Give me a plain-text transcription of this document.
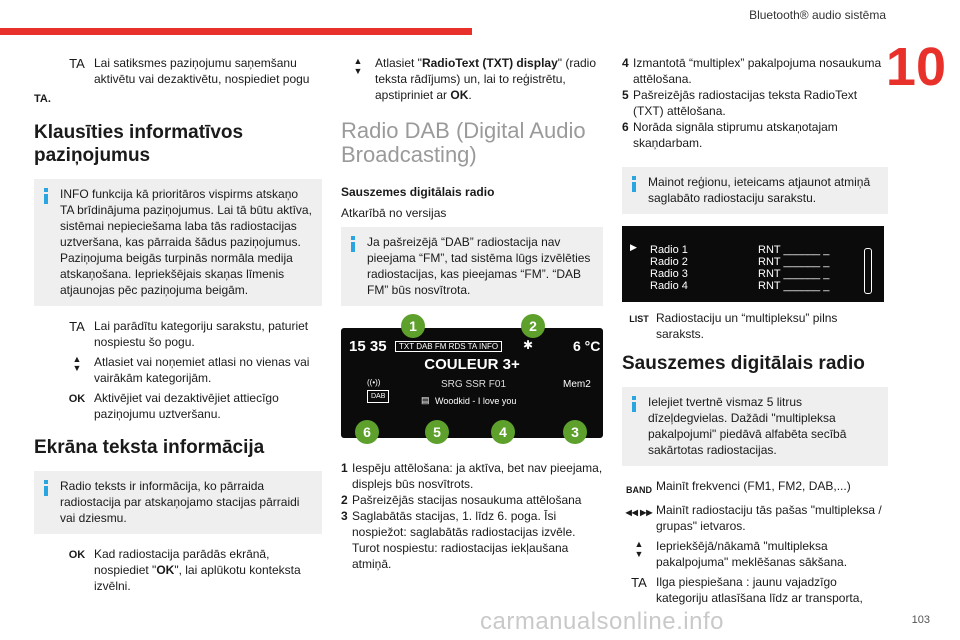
Bluetooth® audio sistēma
10
TA Lai satiksmes paziņojumu saņemšanu aktivētu vai dezaktivētu, nospiediet pogu
TA.
Klausīties informatīvos paziņojumus
INFO funkcija kā prioritāros vispirms atskaņo TA brīdinājuma paziņojumus. Lai tā būtu aktīva, sistēmai nepieciešama laba tās radiostacijas uztveršana, kas pārraida šādus paziņojumus. Paziņojuma beigās turpinās normāla medija atskaņošana. Iepriekšējais skaņas līmenis atjaunojas pēc paziņojuma beigām.
TA Lai parādītu kategoriju sarakstu, paturiet nospiestu šo pogu.
▲
▼	Atlasiet vai noņemiet atlasi no vienas vai vairākām kategorijām.
OK Aktivējiet vai dezaktivējiet attiecīgo paziņojumu uztveršanu.
Ekrāna teksta informācija
Radio teksts ir informācija, ko pārraida radiostacija par atskaņojamo stacijas pārraidi vai dziesmu.
OK Kad radiostacija parādās ekrānā, nospiediet "OK", lai aplūkotu konteksta izvēlni.
▲
▼
Atlasiet "RadioText (TXT) display" (radio teksta rādījums) un, lai to reģistrētu, apstipriniet ar OK.
Radio DAB (Digital Audio Broadcasting)
Sauszemes digitālais radio
Atkarībā no versijas
Ja pašreizējā “DAB” radiostacija nav pieejama “FM”, tad sistēma lūgs izvēlēties radiostacijas, kas pieejamas “FM”. “DAB FM” būs nosvītrota.
15 35	TXT DAB FM RDS TA INFO	✱	6 °C
COULEUR 3+
((•))
DAB
SRG SSR F01	Mem2
▤ Woodkid - I love you
1	2
6	5	4	3
1 Iespēju attēlošana: ja aktīva, bet nav pieejama, displejs būs nosvītrots.
2 Pašreizējās stacijas nosaukuma attēlošana
3 Saglabātās stacijas, 1. līdz 6. poga. Īsi nospiežot: saglabātās radiostacijas izvēle. Turot nospiestu: radiostacijas iekļaušana atmiņā.
4 Izmantotā “multiplex” pakalpojuma nosaukuma attēlošana.
5 Pašreizējās radiostacijas teksta RadioText (TXT) attēlošana.
6 Norāda signāla stiprumu atskaņotajam skaņdarbam.
Mainot reģionu, ieteicams atjaunot atmiņā saglabāto radiostaciju sarakstu.
▶ Radio 1	RNT ______ _
Radio 2	RNT ______ _
Radio 3	RNT ______ _
Radio 4	RNT ______ _
LIST Radiostaciju un “multipleksu” pilns saraksts.
Sauszemes digitālais radio
Ielejiet tvertnē vismaz 5 litrus dīzeļdegvielas. Dažādi "multipleksa pakalpojumi" piedāvā alfabēta secībā sakārtotas radiostacijas.
BAND Mainīt frekvenci (FM1, FM2, DAB,...)
◀◀ ▶▶ Mainīt radiostaciju tās pašas "multipleksa / grupas" ietvaros.
▲
▼
Iepriekšējā/nākamā "multipleksa pakalpojuma" meklēšanas sākšana.
TA Ilga piespiešana : jaunu vajadzīgo kategoriju atlasīšana līdz ar transporta,
carmanualsonline.info	103
